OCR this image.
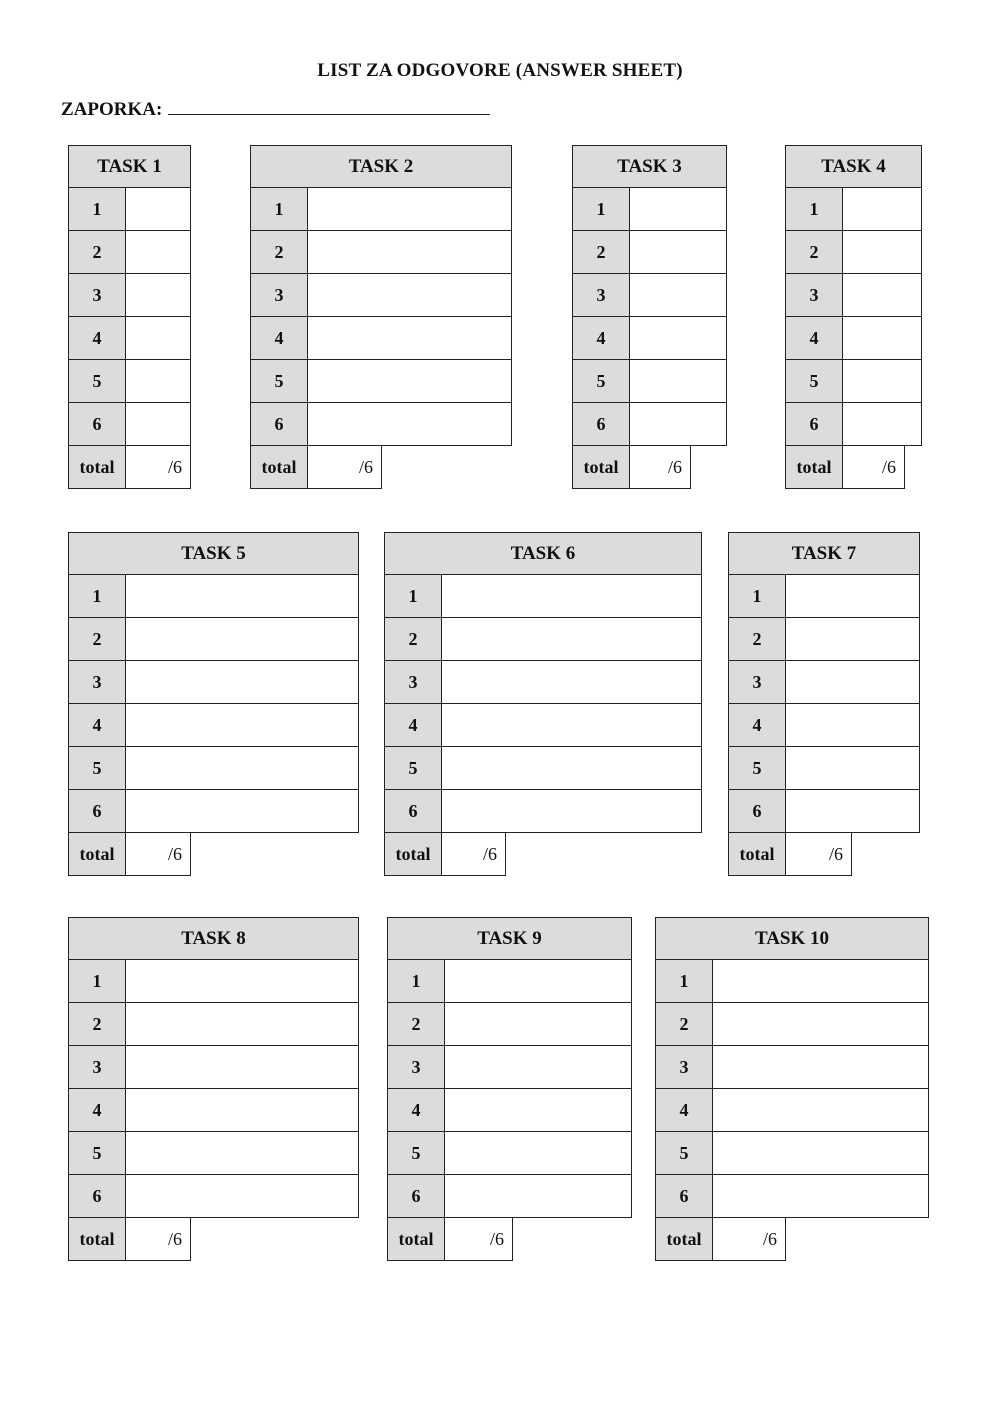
LIST ZA ODGOVORE (ANSWER SHEET)
ZAPORKA:
TASK 1
1
2
3
4
5
6
total	/6
TASK 2
1
2
3
4
5
6
total	/6
TASK 3
1
2
3
4
5
6
total	/6
TASK 4
1
2
3
4
5
6
total	/6
TASK 5
1
2
3
4
5
6
total	/6
TASK 6
1
2
3
4
5
6
total	/6
TASK 7
1
2
3
4
5
6
total	/6
TASK 8
1
2
3
4
5
6
total	/6
TASK 9
1
2
3
4
5
6
total	/6
TASK 10
1
2
3
4
5
6
total	/6
